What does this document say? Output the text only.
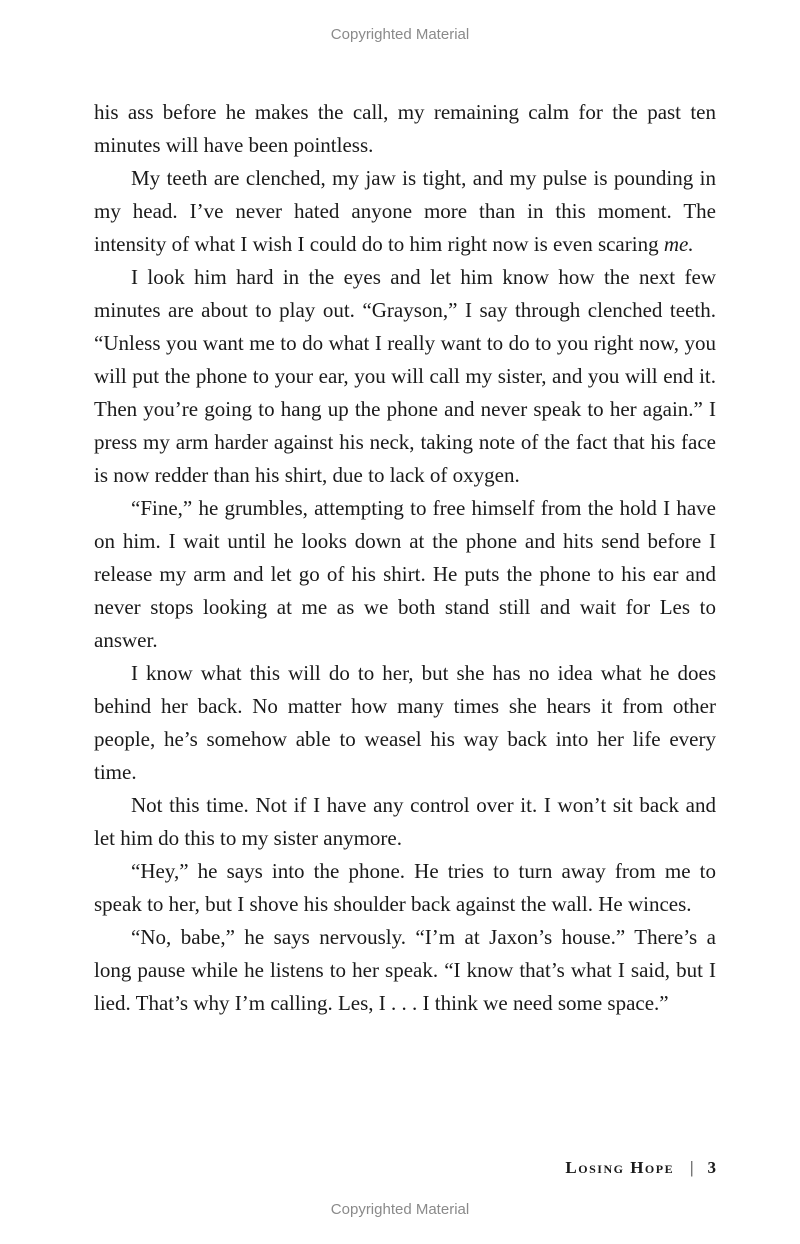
Copyrighted Material

his ass before he makes the call, my remaining calm for the past ten minutes will have been pointless.

My teeth are clenched, my jaw is tight, and my pulse is pounding in my head. I’ve never hated anyone more than in this moment. The intensity of what I wish I could do to him right now is even scaring me.

I look him hard in the eyes and let him know how the next few minutes are about to play out. “Grayson,” I say through clenched teeth. “Unless you want me to do what I really want to do to you right now, you will put the phone to your ear, you will call my sister, and you will end it. Then you’re going to hang up the phone and never speak to her again.” I press my arm harder against his neck, taking note of the fact that his face is now redder than his shirt, due to lack of oxygen.

“Fine,” he grumbles, attempting to free himself from the hold I have on him. I wait until he looks down at the phone and hits send before I release my arm and let go of his shirt. He puts the phone to his ear and never stops looking at me as we both stand still and wait for Les to answer.

I know what this will do to her, but she has no idea what he does behind her back. No matter how many times she hears it from other people, he’s somehow able to weasel his way back into her life every time.

Not this time. Not if I have any control over it. I won’t sit back and let him do this to my sister anymore.

“Hey,” he says into the phone. He tries to turn away from me to speak to her, but I shove his shoulder back against the wall. He winces.

“No, babe,” he says nervously. “I’m at Jaxon’s house.” There’s a long pause while he listens to her speak. “I know that’s what I said, but I lied. That’s why I’m calling. Les, I . . . I think we need some space.”

Losing Hope | 3
Copyrighted Material
